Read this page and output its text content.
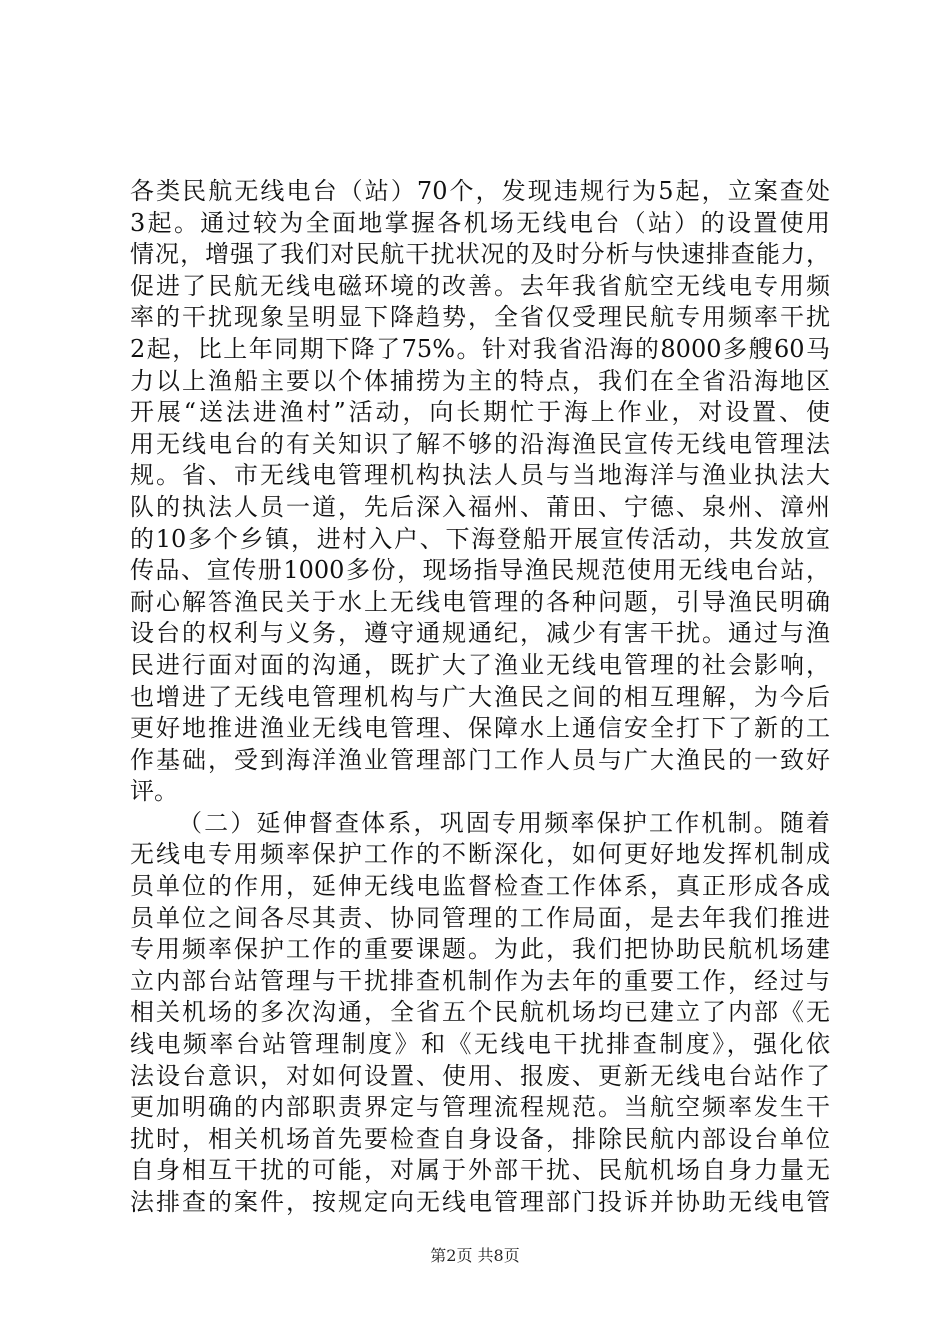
各类民航无线电台（站）70个，发现违规行为5起，立案查处
3起。通过较为全面地掌握各机场无线电台（站）的设置使用
情况，增强了我们对民航干扰状况的及时分析与快速排查能力，
促进了民航无线电磁环境的改善。去年我省航空无线电专用频
率的干扰现象呈明显下降趋势，全省仅受理民航专用频率干扰
2起，比上年同期下降了75%。针对我省沿海的8000多艘60马
力以上渔船主要以个体捕捞为主的特点，我们在全省沿海地区
开展“送法进渔村”活动，向长期忙于海上作业，对设置、使
用无线电台的有关知识了解不够的沿海渔民宣传无线电管理法
规。省、市无线电管理机构执法人员与当地海洋与渔业执法大
队的执法人员一道，先后深入福州、莆田、宁德、泉州、漳州
的10多个乡镇，进村入户、下海登船开展宣传活动，共发放宣
传品、宣传册1000多份，现场指导渔民规范使用无线电台站，
耐心解答渔民关于水上无线电管理的各种问题，引导渔民明确
设台的权利与义务，遵守通规通纪，减少有害干扰。通过与渔
民进行面对面的沟通，既扩大了渔业无线电管理的社会影响，
也增进了无线电管理机构与广大渔民之间的相互理解，为今后
更好地推进渔业无线电管理、保障水上通信安全打下了新的工
作基础，受到海洋渔业管理部门工作人员与广大渔民的一致好
评。
（二）延伸督查体系，巩固专用频率保护工作机制。随着
无线电专用频率保护工作的不断深化，如何更好地发挥机制成
员单位的作用，延伸无线电监督检查工作体系，真正形成各成
员单位之间各尽其责、协同管理的工作局面，是去年我们推进
专用频率保护工作的重要课题。为此，我们把协助民航机场建
立内部台站管理与干扰排查机制作为去年的重要工作，经过与
相关机场的多次沟通，全省五个民航机场均已建立了内部《无
线电频率台站管理制度》和《无线电干扰排查制度》，强化依
法设台意识，对如何设置、使用、报废、更新无线电台站作了
更加明确的内部职责界定与管理流程规范。当航空频率发生干
扰时，相关机场首先要检查自身设备，排除民航内部设台单位
自身相互干扰的可能，对属于外部干扰、民航机场自身力量无
法排查的案件，按规定向无线电管理部门投诉并协助无线电管
第2页 共8页
